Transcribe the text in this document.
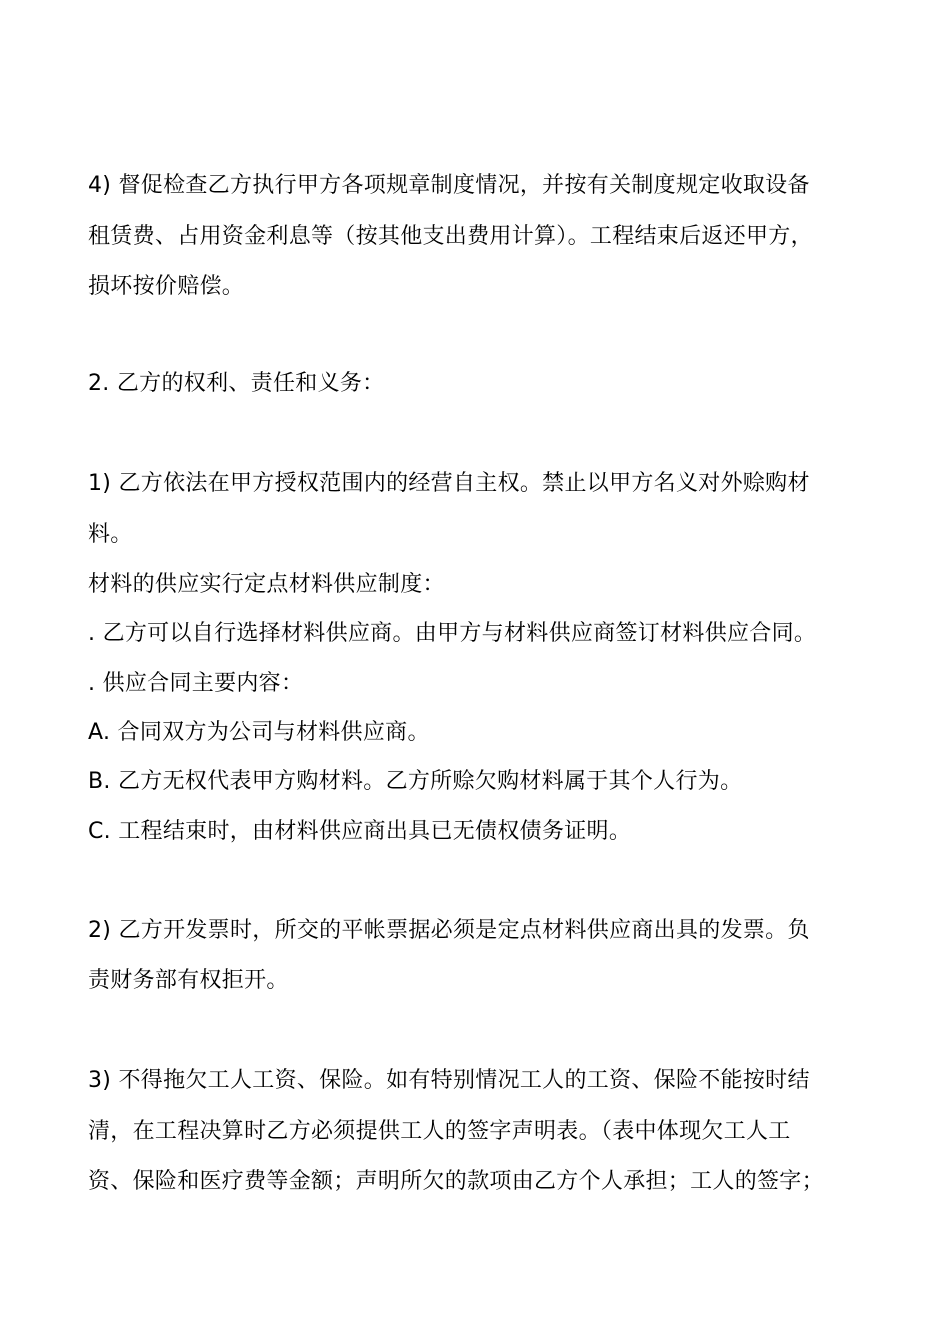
4) 督促检查乙方执行甲方各项规章制度情况，并按有关制度规定收取设备
租赁费、占用资金利息等（按其他支出费用计算）。工程结束后返还甲方，
损坏按价赔偿。
2. 乙方的权利、责任和义务：
1) 乙方依法在甲方授权范围内的经营自主权。禁止以甲方名义对外赊购材
料。
材料的供应实行定点材料供应制度：
. 乙方可以自行选择材料供应商。由甲方与材料供应商签订材料供应合同。
. 供应合同主要内容：
A. 合同双方为公司与材料供应商。
B. 乙方无权代表甲方购材料。乙方所赊欠购材料属于其个人行为。
C. 工程结束时，由材料供应商出具已无债权债务证明。
2) 乙方开发票时，所交的平帐票据必须是定点材料供应商出具的发票。负
责财务部有权拒开。
3) 不得拖欠工人工资、保险。如有特别情况工人的工资、保险不能按时结
清，在工程决算时乙方必须提供工人的签字声明表。（表中体现欠工人工
资、保险和医疗费等金额；声明所欠的款项由乙方个人承担；工人的签字；
